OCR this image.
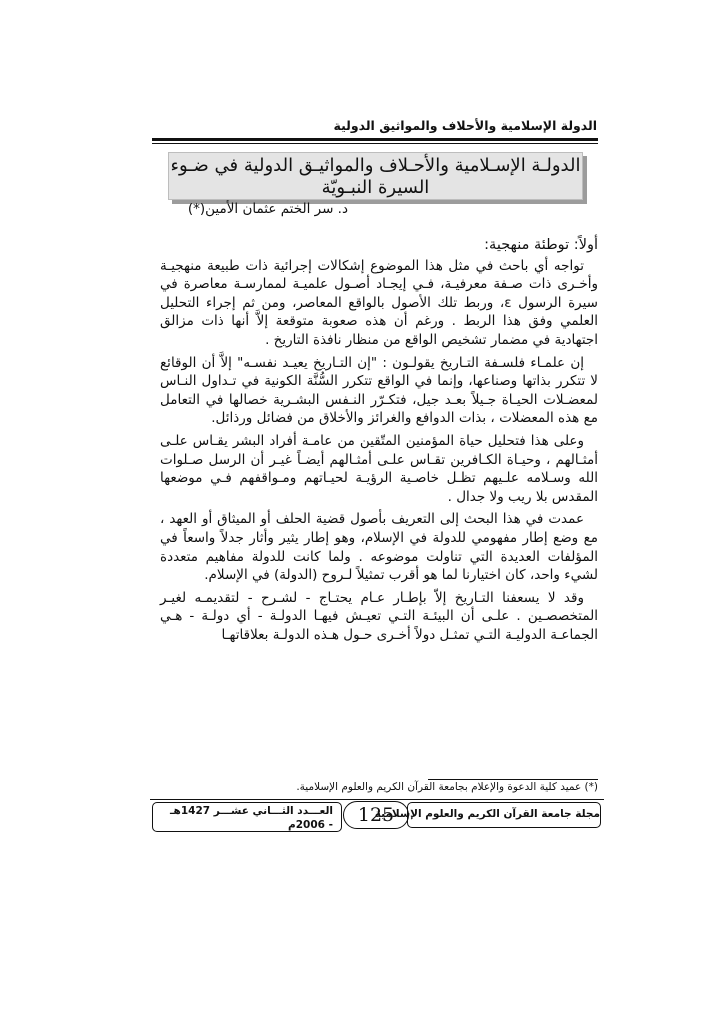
الدولة الإسلامية والأحلاف والمواثيق الدولية
الدولـة الإسـلامية والأحـلاف والمواثيـق الدولية في ضـوء السيرة النبـويّة
د. سر الختم عثمان الأمين(*)
أولاً: توطئة منهجية:

تواجه أي باحث في مثل هذا الموضوع إشكالات إجرائية ذات طبيعة منهجيـة وأخـرى ذات صـفة معرفيـة، فـي إيجـاد أصـول علميـة لممارسـة معاصرة في سيرة الرسول ε، وربط تلك الأصول بالواقع المعاصر، ومن ثم إجراء التحليل العلمي وفق هذا الربط . ورغم أن هذه صعوبة متوقعة إلاَّ أنها ذات مزالق اجتهادية في مضمار تشخيص الواقع من منظار نافذة التاريخ .

إن علمـاء فلسـفة التـاريخ يقولـون : "إن التـاريخ يعيـد نفسـه" إلاَّ أن الوقائع لا تتكرر بذاتها وصناعها، وإنما في الواقع تتكرر السُّنَّة الكونية في تـداول النـاس لمعضـلات الحيـاة جـيلاً بعـد جيل، فتكـرّر النـفس البشـرية خصالها في التعامل مع هذه المعضلات ، بذات الدوافع والغرائز والأخلاق من فضائل ورذائل.

وعلى هذا فتحليل حياة المؤمنين المتّقين من عامـة أفراد البشر يقـاس علـى أمثـالهم ، وحيـاة الكـافرين تقـاس علـى أمثـالهم أيضـاً غيـر أن الرسل صـلوات الله وسـلامه علـيهم تظـل خاصـية الرؤيـة لحيـاتهم ومـواقفهم فـي موضعها المقدس بلا ريب ولا جدال .

عمدت في هذا البحث إلى التعريف بأصول قضية الحلف أو الميثاق أو العهد ، مع وضع إطار مفهومي للدولة في الإسلام، وهو إطار يثير وأثار جدلاً واسعاً في المؤلفات العديدة التي تناولت موضوعه . ولما كانت للدولة مفاهيم متعددة لشيء واحد، كان اختيارنا لما هو أقرب تمثيلاً لـروح (الدولة) في الإسلام.

وقد لا يسعفنا التـاريخ إلاّ بإطـار عـام يحتـاج - لشـرح - لتقديمـه لغيـر المتخصصـين . علـى أن البيئـة التـي تعيـش فيهـا الدولـة - أي دولـة - هـي الجماعـة الدوليـة التـي تمثـل دولاً أخـرى حـول هـذه الدولـة بعلاقاتهـا

(*) عميد كلية الدعوة والإعلام بجامعة القرآن الكريم والعلوم الإسلامية.
مجلة جامعة القرآن الكريم والعلوم الإسلامية
125
العـــدد الثـــاني عشـــر 1427هـ
- 2006م
